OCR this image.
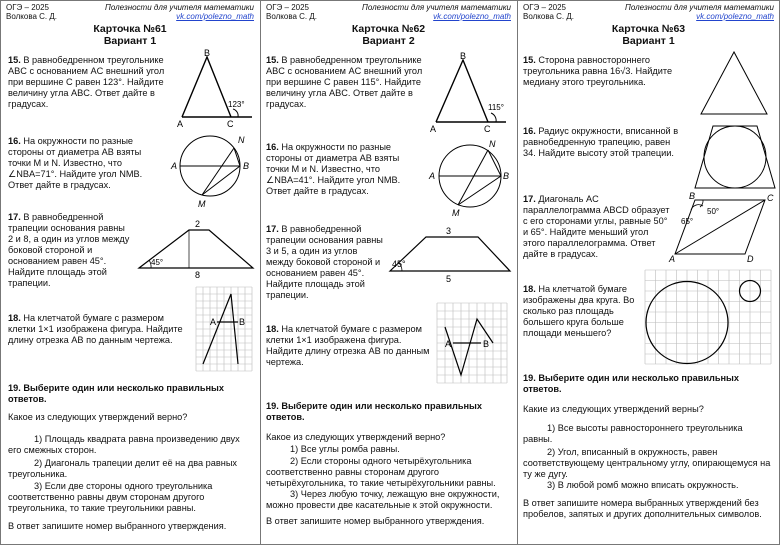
ОГЭ – 2025
Волкова С. Д.
Полезности для учителя математики
vk.com/polezno_math
Карточка №61
Вариант 1

15. В равнобедренном треугольнике ABC с основанием AC внешний угол при вершине C равен 123°. Найдите величину угла ABC. Ответ дайте в градусах.

B
A	C
123°

16. На окружности по разные стороны от диаметра AB взяты точки M и N. Известно, что ∠NBA=71°. Найдите угол NMB. Ответ дайте в градусах.

A	B
N
M

17. В равнобедренной трапеции основания равны 2 и 8, а один из углов между боковой стороной и основанием равен 45°. Найдите площадь этой трапеции.

2
8
45°

18. На клетчатой бумаге с размером клетки 1×1 изображена фигура. Найдите длину отрезка AB по данным чертежа.

A	B

19. Выберите один или несколько правильных ответов.

Какое из следующих утверждений верно?

1) Площадь квадрата равна произведению двух его смежных сторон.
2) Диагональ трапеции делит её на два равных треугольника.
3) Если две стороны одного треугольника соответственно равны двум сторонам другого треугольника, то такие треугольники равны.

В ответ запишите номер выбранного утверждения.

ОГЭ – 2025
Волкова С. Д.
Полезности для учителя математики
vk.com/polezno_math
Карточка №62
Вариант 2

15. В равнобедренном треугольнике ABC с основанием AC внешний угол при вершине C равен 115°. Найдите величину угла ABC. Ответ дайте в градусах.

B
A	C
115°

16. На окружности по разные стороны от диаметра AB взяты точки M и N. Известно, что ∠NBA=41°. Найдите угол NMB. Ответ дайте в градусах.

A	B
N
M

17. В равнобедренной трапеции основания равны 3 и 5, а один из углов между боковой стороной и основанием равен 45°. Найдите площадь этой трапеции.

3
5
45°

18. На клетчатой бумаге с размером клетки 1×1 изображена фигура. Найдите длину отрезка AB по данным чертежа.

A	B

19. Выберите один или несколько правильных ответов.

Какое из следующих утверждений верно?

1) Все углы ромба равны.
2) Если стороны одного четырёхугольника соответственно равны сторонам другого четырёхугольника, то такие четырёхугольники равны.
3) Через любую точку, лежащую вне окружности, можно провести две касательные к этой окружности.

В ответ запишите номер выбранного утверждения.

ОГЭ – 2025
Волкова С. Д.
Полезности для учителя математики
vk.com/polezno_math
Карточка №63
Вариант 1

15. Сторона равностороннего треугольника равна 16√3. Найдите медиану этого треугольника.

16. Радиус окружности, вписанной в равнобедренную трапецию, равен 34. Найдите высоту этой трапеции.

17. Диагональ AC параллелограмма ABCD образует с его сторонами углы, равные 50° и 65°. Найдите меньший угол этого параллелограмма. Ответ дайте в градусах.

B	C
A	D
50°
65°

18. На клетчатой бумаге изображены два круга. Во сколько раз площадь большего круга больше площади меньшего?

19. Выберите один или несколько правильных ответов.

Какие из следующих утверждений верны?

1) Все высоты равностороннего треугольника равны.
2) Угол, вписанный в окружность, равен соответствующему центральному углу, опирающемуся на ту же дугу.
3) В любой ромб можно вписать окружность.

В ответ запишите номера выбранных утверждений без пробелов, запятых и других дополнительных символов.
